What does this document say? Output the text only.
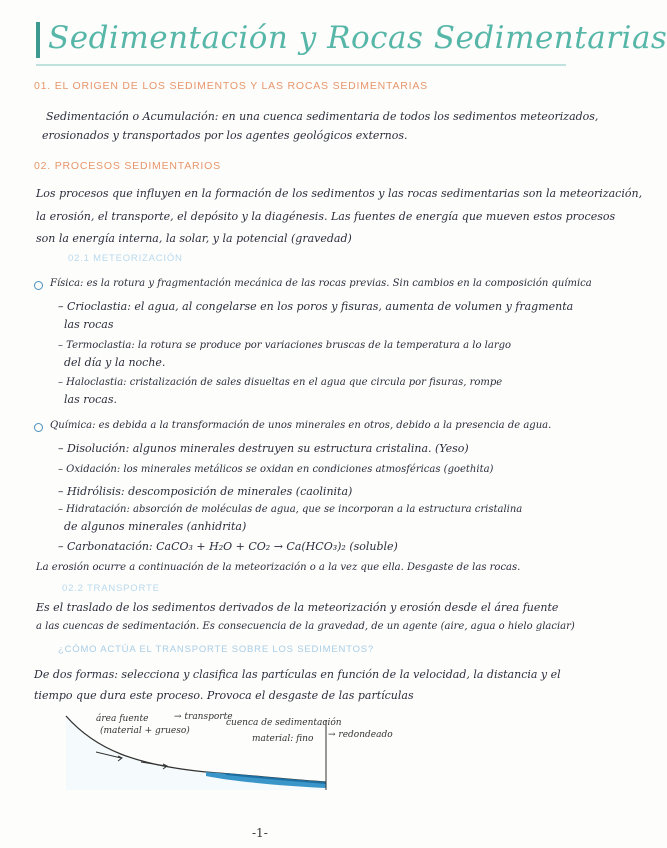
Sedimentación y Rocas Sedimentarias
01. EL ORIGEN DE LOS SEDIMENTOS Y LAS ROCAS SEDIMENTARIAS
Sedimentación o Acumulación: en una cuenca sedimentaria de todos los sedimentos meteorizados,
erosionados y transportados por los agentes geológicos externos.
02. PROCESOS SEDIMENTARIOS
Los procesos que influyen en la formación de los sedimentos y las rocas sedimentarias son la meteorización,
la erosión, el transporte, el depósito y la diagénesis. Las fuentes de energía que mueven estos procesos
son la energía interna, la solar, y la potencial (gravedad)
02.1 METEORIZACIÓN
Física: es la rotura y fragmentación mecánica de las rocas previas. Sin cambios en la composición química
– Crioclastia: el agua, al congelarse en los poros y fisuras, aumenta de volumen y fragmenta
las rocas
– Termoclastia: la rotura se produce por variaciones bruscas de la temperatura a lo largo
del día y la noche.
– Haloclastia: cristalización de sales disueltas en el agua que circula por fisuras, rompe
las rocas.
Química: es debida a la transformación de unos minerales en otros, debido a la presencia de agua.
– Disolución: algunos minerales destruyen su estructura cristalina. (Yeso)
– Oxidación: los minerales metálicos se oxidan en condiciones atmosféricas (goethita)
– Hidrólisis: descomposición de minerales (caolinita)
– Hidratación: absorción de moléculas de agua, que se incorporan a la estructura cristalina
de algunos minerales (anhidrita)
– Carbonatación: CaCO₃ + H₂O + CO₂ → Ca(HCO₃)₂ (soluble)
La erosión ocurre a continuación de la meteorización o a la vez que ella. Desgaste de las rocas.
02.2 TRANSPORTE
Es el traslado de los sedimentos derivados de la meteorización y erosión desde el área fuente
a las cuencas de sedimentación. Es consecuencia de la gravedad, de un agente (aire, agua o hielo glaciar)
¿CÓMO ACTÚA EL TRANSPORTE SOBRE LOS SEDIMENTOS?
De dos formas: selecciona y clasifica las partículas en función de la velocidad, la distancia y el
tiempo que dura este proceso. Provoca el desgaste de las partículas
área fuente
(material + grueso)
→ transporte
cuenca de sedimentación
material: fino → redondeado
-1-
